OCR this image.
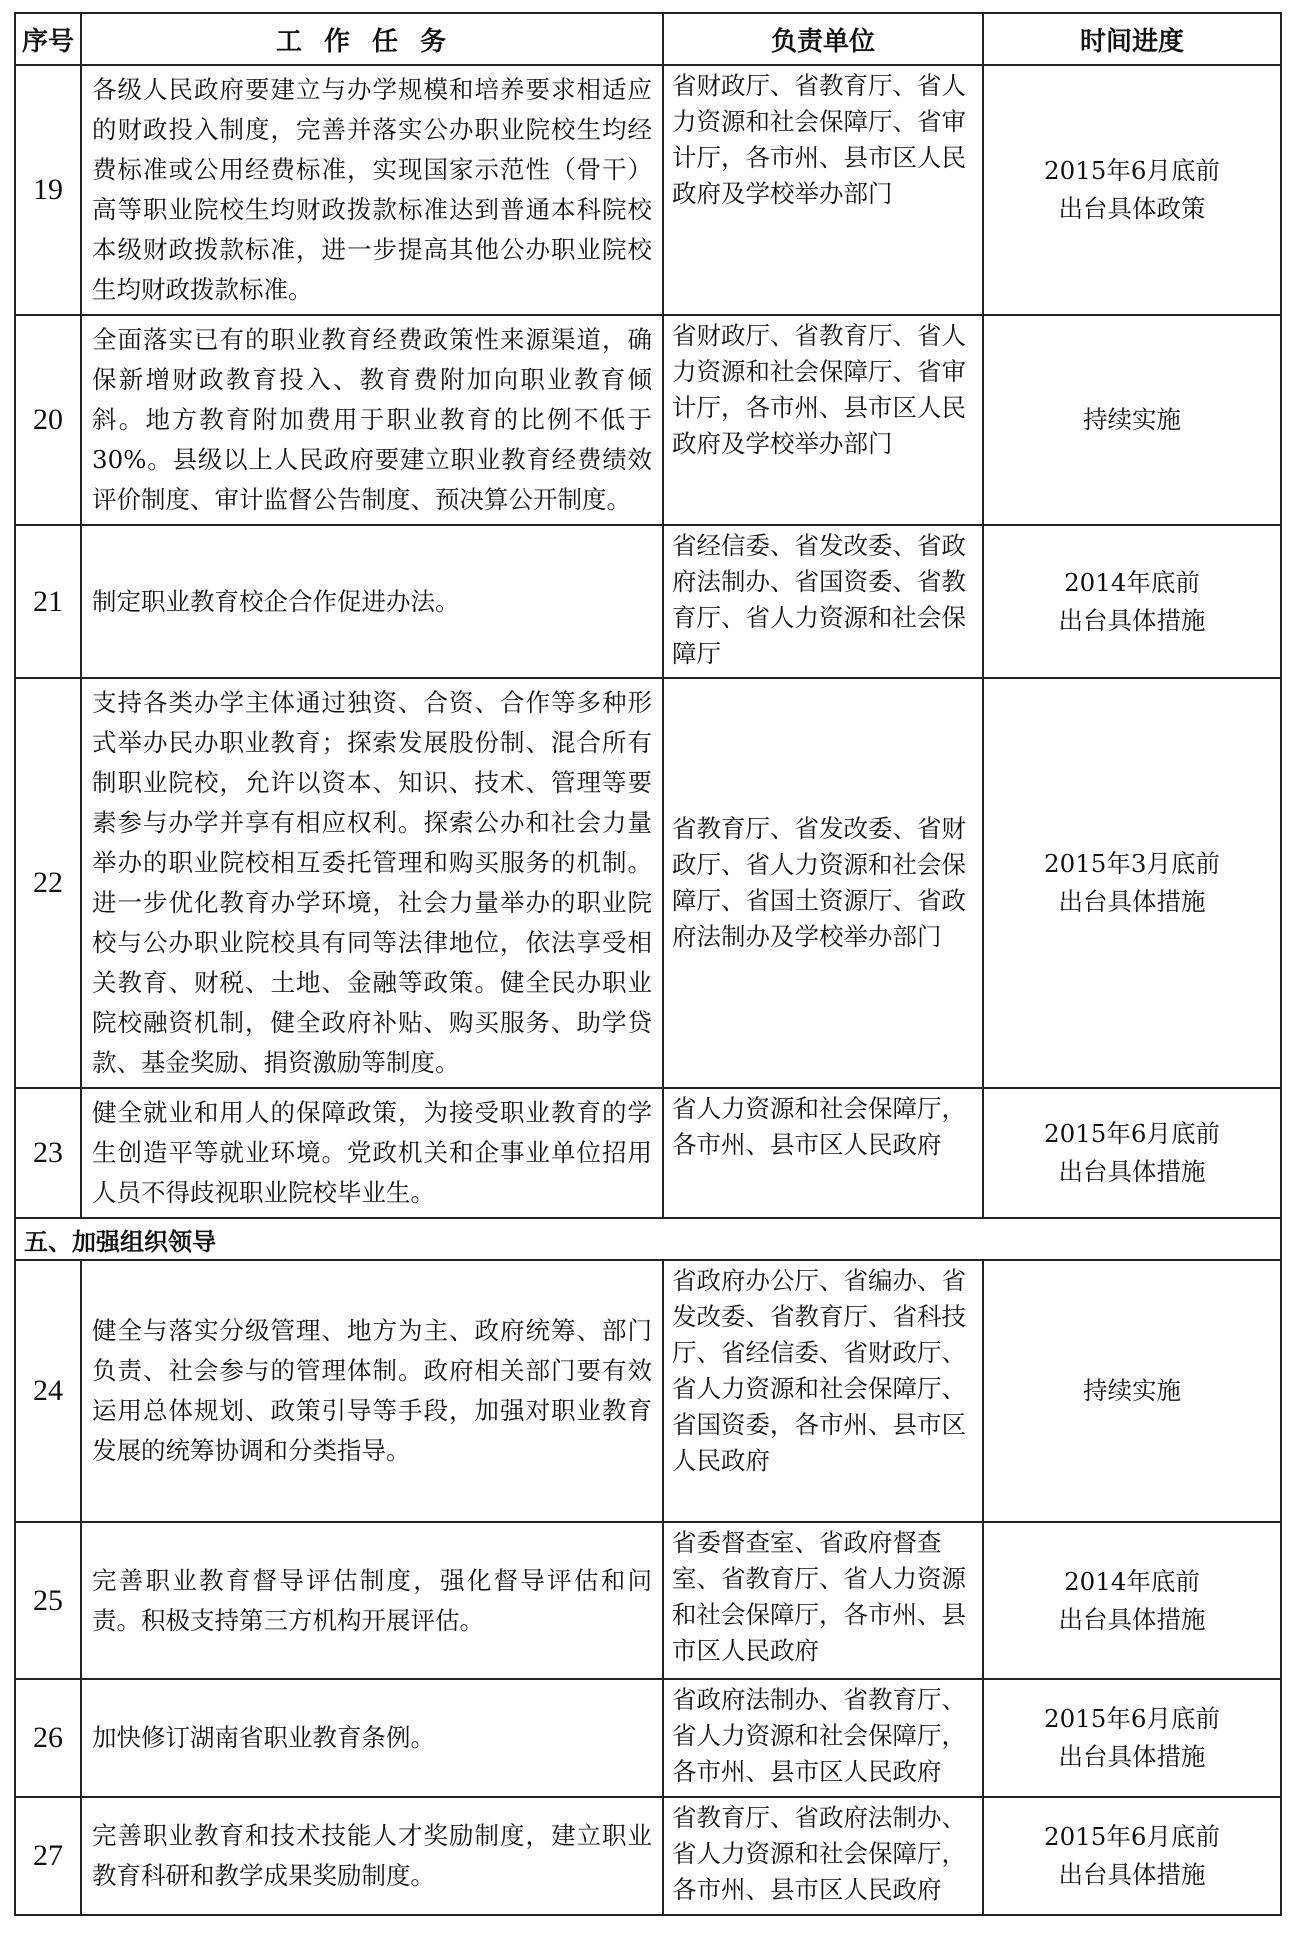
序号	工作任务	负责单位	时间进度
19	各级人民政府要建立与办学规模和培养要求相适应的财政投入制度，完善并落实公办职业院校生均经费标准或公用经费标准，实现国家示范性（骨干）高等职业院校生均财政拨款标准达到普通本科院校本级财政拨款标准，进一步提高其他公办职业院校生均财政拨款标准。	省财政厅、省教育厅、省人力资源和社会保障厅、省审计厅，各市州、县市区人民政府及学校举办部门	2015年6月底前
出台具体政策

20	全面落实已有的职业教育经费政策性来源渠道，确保新增财政教育投入、教育费附加向职业教育倾斜。地方教育附加费用于职业教育的比例不低于30%。县级以上人民政府要建立职业教育经费绩效评价制度、审计监督公告制度、预决算公开制度。	省财政厅、省教育厅、省人力资源和社会保障厅、省审计厅，各市州、县市区人民政府及学校举办部门	持续实施

21	制定职业教育校企合作促进办法。	省经信委、省发改委、省政府法制办、省国资委、省教育厅、省人力资源和社会保障厅	2014年底前
出台具体措施

22	支持各类办学主体通过独资、合资、合作等多种形式举办民办职业教育；探索发展股份制、混合所有制职业院校，允许以资本、知识、技术、管理等要素参与办学并享有相应权利。探索公办和社会力量举办的职业院校相互委托管理和购买服务的机制。进一步优化教育办学环境，社会力量举办的职业院校与公办职业院校具有同等法律地位，依法享受相关教育、财税、土地、金融等政策。健全民办职业院校融资机制，健全政府补贴、购买服务、助学贷款、基金奖励、捐资激励等制度。	省教育厅、省发改委、省财政厅、省人力资源和社会保障厅、省国土资源厅、省政府法制办及学校举办部门	2015年3月底前
出台具体措施

23	健全就业和用人的保障政策，为接受职业教育的学生创造平等就业环境。党政机关和企事业单位招用人员不得歧视职业院校毕业生。	省人力资源和社会保障厅，各市州、县市区人民政府	2015年6月底前
出台具体措施

五、加强组织领导			
24	健全与落实分级管理、地方为主、政府统筹、部门负责、社会参与的管理体制。政府相关部门要有效运用总体规划、政策引导等手段，加强对职业教育发展的统筹协调和分类指导。	省政府办公厅、省编办、省发改委、省教育厅、省科技厅、省经信委、省财政厅、省人力资源和社会保障厅、省国资委，各市州、县市区人民政府	持续实施

25	完善职业教育督导评估制度，强化督导评估和问责。积极支持第三方机构开展评估。	省委督查室、省政府督查室、省教育厅、省人力资源和社会保障厅，各市州、县市区人民政府	2014年底前
出台具体措施

26	加快修订湖南省职业教育条例。	省政府法制办、省教育厅、省人力资源和社会保障厅，各市州、县市区人民政府	2015年6月底前
出台具体措施

27	完善职业教育和技术技能人才奖励制度，建立职业教育科研和教学成果奖励制度。	省教育厅、省政府法制办、省人力资源和社会保障厅，各市州、县市区人民政府	2015年6月底前
出台具体措施
